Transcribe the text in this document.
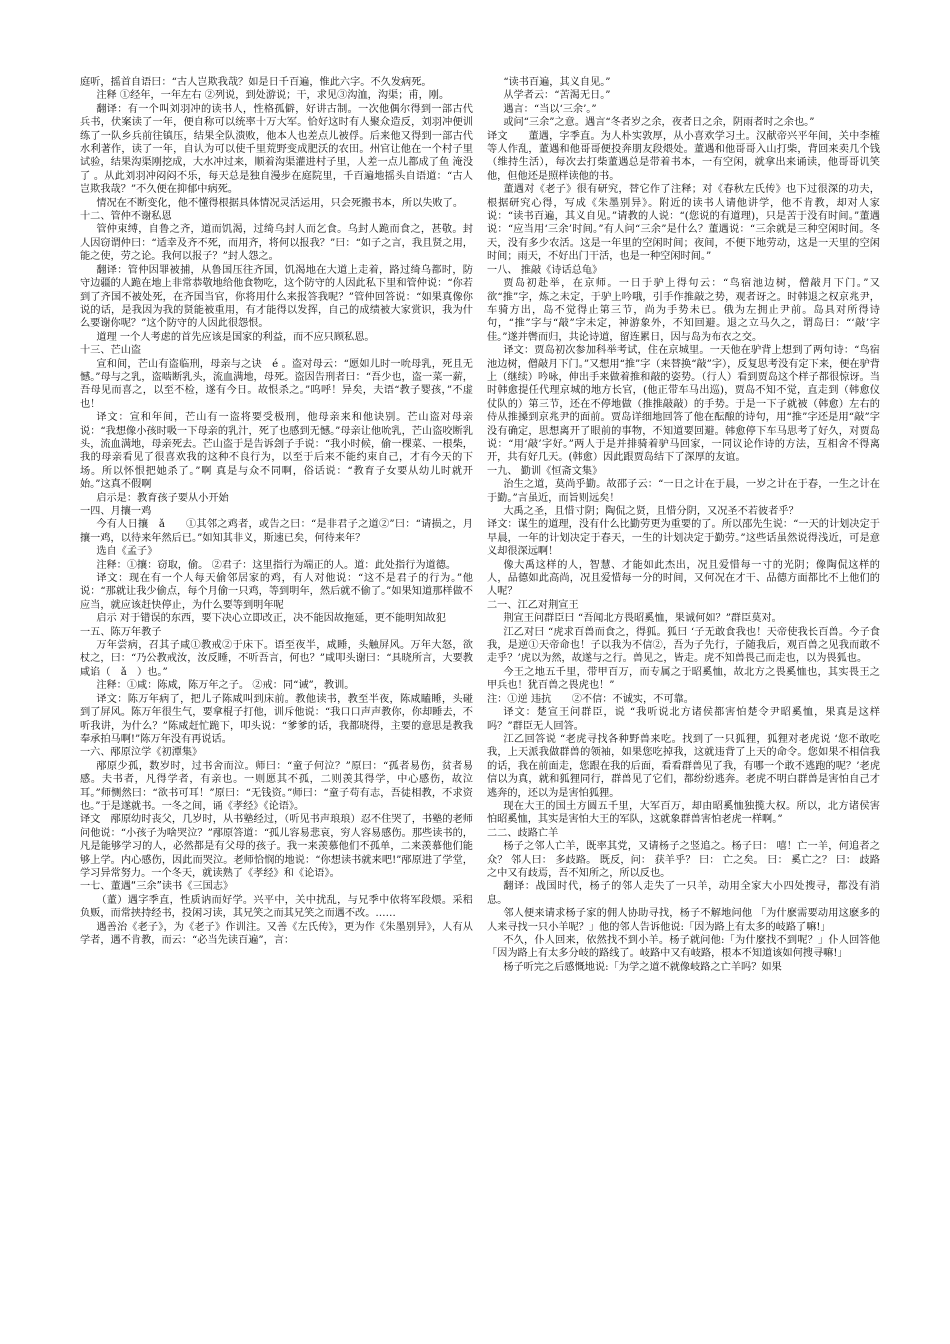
庭听，摇首自语曰：“古人岂欺我哉？如是日千百遍，惟此六字。不久发病死。

注释 ①经年，一年左右 ②列说，到处游说；干，求见③沟洫，沟渠；甫，刚。

翻译：有一个叫刘羽冲的读书人，性格孤僻，好讲古制。一次他偶尔得到一部古代兵书，伏案读了一年，便自称可以统率十万大军。恰好这时有人聚众造反，刘羽冲便训练了一队乡兵前往镇压，结果全队溃败，他本人也差点儿被俘。后来他又得到一部古代水利著作，读了一年，自认为可以使千里荒野变成肥沃的农田。州官让他在一个村子里试验，结果沟渠刚挖成，大水冲过来，顺着沟渠灌进村子里，人差一点儿都成了鱼 淹没了 。从此刘羽冲闷闷不乐，每天总是独自漫步在庭院里，千百遍地摇头自语道：“古人岂欺我哉？”不久便在抑郁中病死。

情况在不断变化，他不懂得根据具体情况灵活运用，只会死搬书本，所以失败了。

十二、管仲不谢私恩

管仲束缚，自鲁之齐，道而饥渴，过绮乌封人而乞食。乌封人跪而食之，甚敬。封人因窃谓仲曰：“适幸及齐不死，而用齐，将何以报我？”曰：“如子之言，我且贤之用，能之使，劳之论。我何以报子？”封人怨之。

翻译：管仲因罪被捕，从鲁国压往齐国，饥渴地在大道上走着，路过绮乌都时，防守边疆的人跪在地上非常恭敬地给他食物吃，这个防守的人因此私下里和管仲说：“你若到了齐国不被处死，在齐国当官，你将用什么来报答我呢？”管仲回答说：“如果真像你说的话，是我因为我的贤能被重用，有才能得以发挥，自己的成绩被大家赏识，我为什么要谢你呢？”这个防守的人因此很怨恨。

道理 一个人考虑的首先应该是国家的利益，而不应只顾私恩。

十三、芒山盗

宣和间，芒山有盗临刑，母亲与之诀　é 。盗对母云：“愿如儿时一吮母乳，死且无憾。”母与之乳，盗啮断乳头，流血满地，母死。盗因告刑者曰：“吾少也，盗一菜一薪，吾母见而喜之，以至不检，遂有今日。故恨杀之。”呜呼！异矣，夫语“教子婴孩，”不虚也！

译文：宣和年间，芒山有一盗将要受极刑，他母亲来和他诀别。芒山盗对母亲说：“我想像小孩时吸一下母亲的乳汁，死了也感到无憾。”母亲让他吮乳，芒山盗咬断乳头，流血满地，母亲死去。芒山盗于是告诉刽子手说：“我小时候，偷一棵菜、一根柴，我的母亲看见了很喜欢我的这种不良行为，以至于后来不能约束自己，才有今天的下场。所以怀恨把她杀了。”啊 真是与众不同啊，俗话说：“教育子女要从幼儿时就开始。”这真不假啊

启示是：教育孩子要从小开始

一四、月攘一鸡

今有人日攘　ǎ　　①其邻之鸡者，或告之曰：“是非君子之道②”曰：“请损之，月攘一鸡，以待来年然后已。”如知其非义，斯速已矣，何待来年？

选自《孟子》

注释：①攘：窃取，偷。 ②君子：这里指行为端正的人。道：此处指行为道德。

译文：现在有一个人每天偷邻居家的鸡，有人对他说：“这不是君子的行为。”他说：“那就让我少偷点，每个月偷一只鸡，等到明年，然后就不偷了。”如果知道那样做不应当，就应该赶快停止，为什么要等到明年呢

启示 对于错误的东西，要下决心立即改正，决不能因故拖延，更不能明知故犯

一五、陈万年教子

万年尝病，召其子咸①教戒②于床下。语至夜半，咸睡，头触屏风。万年大怒，欲杖之，曰：“乃公教戒汝，汝反睡，不听吾言，何也？”咸叩头谢曰：“具晓所言，大要教咸谄（　ǎ　）也。”

注释：①咸：陈咸，陈万年之子。 ②戒：同“诫”，教训。

译文：陈万年病了，把儿子陈咸叫到床前。教他读书，教至半夜，陈咸瞌睡，头碰到了屏风。陈万年很生气，要拿棍子打他，训斥他说：“我口口声声教你，你却睡去，不听我讲，为什么？”陈咸赶忙跪下，叩头说：“爹爹的话，我都晓得，主要的意思是教我奉承拍马啊!”陈万年没有再说话。

一六、邴原泣学《初潭集》

邴原少孤，数岁时，过书舍而泣。师曰：“童子何泣？”原曰：“孤者易伤，贫者易感。夫书者，凡得学者，有亲也。一则愿其不孤，二则羡其得学，中心感伤，故泣耳。”师恻然曰：“欲书可耳！”原曰：“无钱资。”师曰：“童子苟有志，吾徒相教，不求资也。”于是遂就书。一冬之间，诵《孝经》《论语》。

译文　邴原幼时丧父，几岁时，从书塾经过，（听见书声琅琅）忍不住哭了，书塾的老师问他说：“小孩子为啥哭泣？”邴原答道：“孤儿容易悲哀，穷人容易感伤。那些读书的，凡是能够学习的人，必然都是有父母的孩子。我一来羡慕他们不孤单，二来羡慕他们能够上学。内心感伤，因此而哭泣。老师恰悯的地说：“你想读书就来吧!”邴原进了学堂，学习异常努力。一个冬天，就读熟了《孝经》和《论语》。

一七、董遇“三余”读书《三国志》

（董）遇字季直，性质讷而好学。兴平中，关中扰乱，与兄季中依将军段煨。采稆负贩，而常挟持经书，投闲习读，其兄笑之而其兄笑之而遇不改。……

遇善治《老子》，为《老子》作训注。又善《左氏传》，更为作《朱墨别异》，人有从学者，遇不肯教，而云：“必当先读百遍”，言：

“读书百遍，其义自见。”

从学者云：“苦渴无日。”

遇言：“当以‘三余’。”

或问“三余”之意。遇言“冬者岁之余，夜者日之余，阴雨者时之余也。”

译文　　董遇，字季直。为人朴实敦厚，从小喜欢学习土。汉献帝兴平年间，关中李榷等人作乱，董遇和他哥哥便投奔朋友段煨处。董遇和他哥哥入山打柴，背回来卖几个钱（维持生活），每次去打柴董遇总是带着书本，一有空闲，就拿出来诵读，他哥哥讥笑他，但他还是照样读他的书。

董遇对《老子》很有研究，替它作了注释；对《春秋左氏传》也下过很深的功夫，根据研究心得，写成《朱墨别异》。附近的读书人请他讲学，他不肯教，却对人家说：“读书百遍，其义自见。”请教的人说：“(您说的有道理)，只是苦于没有时间。”董遇说：“应当用‘三余’时间。”有人问“三余”是什么？董遇说：“三余就是三种空闲时间。冬天，没有多少农活。这是一年里的空闲时间；夜间，不便下地劳动，这是一天里的空闲时间；雨天，不好出门干活，也是一种空闲时间。”

一八、 推敲《诗话总龟》

贾岛初赴举，在京师。一日于驴上得句云：“鸟宿池边树，僧敲月下门。”又欲“推”字，炼之未定，于驴上吟哦，引手作推敲之势，观者讶之。时韩退之权京兆尹，车骑方出，岛不觉得止第三节，尚为手势未已。俄为左拥止尹前。岛具对所得诗句，“推”字与“敲”字未定，神游象外，不知回避。退之立马久之，谓岛曰：“‘敲’字佳。”遂并辔而归，共论诗道，留连累日，因与岛为布衣之交。

译文：贾岛初次参加科举考试，住在京城里。一天他在驴背上想到了两句诗：“鸟宿池边树，僧敲月下门。”又想用“推”字（来替换“敲”字），反复思考没有定下来，便在驴背上（继续）吟咏，伸出手来做着推和敲的姿势。（行人）看到贾岛这个样子都很惊讶。当时韩愈提任代理京城的地方长官，(他正带车马出巡)，贾岛不知不觉，直走到（韩愈仪仗队的）第三节，还在不停地做（推推敲敲）的手势。于是一下子就被（韩愈）左右的侍从推搡到京兆尹的面前。贾岛详细地回答了他在酝酿的诗句，用“推”字还是用“敲”字没有确定，思想离开了眼前的事物，不知道要回避。韩愈停下车马思考了好久，对贾岛说：“用‘敲’字好。”两人于是并排骑着驴马回家，一同议论作诗的方法，互相舍不得离开，共有好几天。(韩愈）因此跟贾岛结下了深厚的友谊。

一九、 勤训《恒斋文集》

治生之道，莫尚乎勤。故邵子云：“一日之计在于晨，一岁之计在于春，一生之计在于勤。”言虽近，而旨则远矣！

大禹之圣，且惜寸阴；陶侃之贤，且惜分阴，又况圣不若彼者乎？

译文：谋生的道理，没有什么比勤劳更为重要的了。所以邵先生说：“一天的计划决定于早晨，一年的计划决定于春天，一生的计划决定于勤劳。”这些话虽然说得浅近，可是意义却很深远啊！

像大禹这样的人，智慧、才能如此杰出，况且爱惜每一寸的光阴；像陶侃这样的人，品德如此高尚，况且爱惜每一分的时间，又何况在才干、品德方面都比不上他们的人呢？

二一、江乙对荆宣王

荆宣王问群臣曰 “吾闻北方畏昭奚恤，果诚何如？”群臣莫对。

江乙对曰 “虎求百兽而食之，得狐。狐曰 ‘子无敢食我也！天帝使我长百兽。今子食我，是逆①天帝命也！子以我为不信②，吾为子先行，子随我后，观百兽之见我而敢不走乎？’虎以为然，故遂与之行。兽见之，皆走。虎不知兽畏己而走也，以为畏狐也。

今王之地五千里，带甲百万，而专属之于昭奚恤，故北方之畏奚恤也，其实畏王之甲兵也！犹百兽之畏虎也！”

注：①逆 违抗　　②不信：不诚实，不可靠。

译文：楚宣王问群臣，说 “我听说北方诸侯都害怕楚令尹昭奚恤，果真是这样吗？”群臣无人回答。

江乙回答说 “老虎寻找各种野兽来吃。找到了一只狐狸，狐狸对老虎说 ‘您不敢吃我，上天派我做群兽的领袖，如果您吃掉我，这就违背了上天的命令。您如果不相信我的话，我在前面走，您跟在我的后面，看看群兽见了我，有哪一个敢不逃跑的呢？’老虎信以为真，就和狐狸同行，群兽见了它们，都纷纷逃奔。老虎不明白群兽是害怕自己才逃奔的，还以为是害怕狐狸。

现在大王的国土方圆五千里，大军百万，却由昭奚恤独揽大权。所以，北方诸侯害怕昭奚恤，其实是害怕大王的军队，这就象群兽害怕老虎一样啊。”

二二、歧路亡羊

杨子之邻人亡羊，既率其党，又请杨子之竖追之。杨子曰： 嘻！亡一羊，何追者之众？ 邻人曰： 多歧路。 既反，问： 获羊乎？ 曰： 亡之矣。 曰： 奚亡之？ 曰： 歧路之中又有歧焉，吾不知所之，所以反也。

翻译：战国时代，杨子的邻人走失了一只羊，动用全家大小四处搜寻，都没有消息。

邻人便来请求杨子家的佣人协助寻找，杨子不解地问他 「为什麽需要动用这麽多的人来寻找一只小羊呢？」他的邻人告诉他说:「因为路上有太多的岐路了嘛!」

不久，仆人回来，依然找不到小羊。杨子就问他:「为什麼找不到呢？」仆人回答他 「因为路上有太多分岐的路线了。岐路中又有岐路，根本不知道该如何搜寻嘛!」

杨子听完之后感慨地说:「为学之道不就像岐路之亡羊吗？如果
